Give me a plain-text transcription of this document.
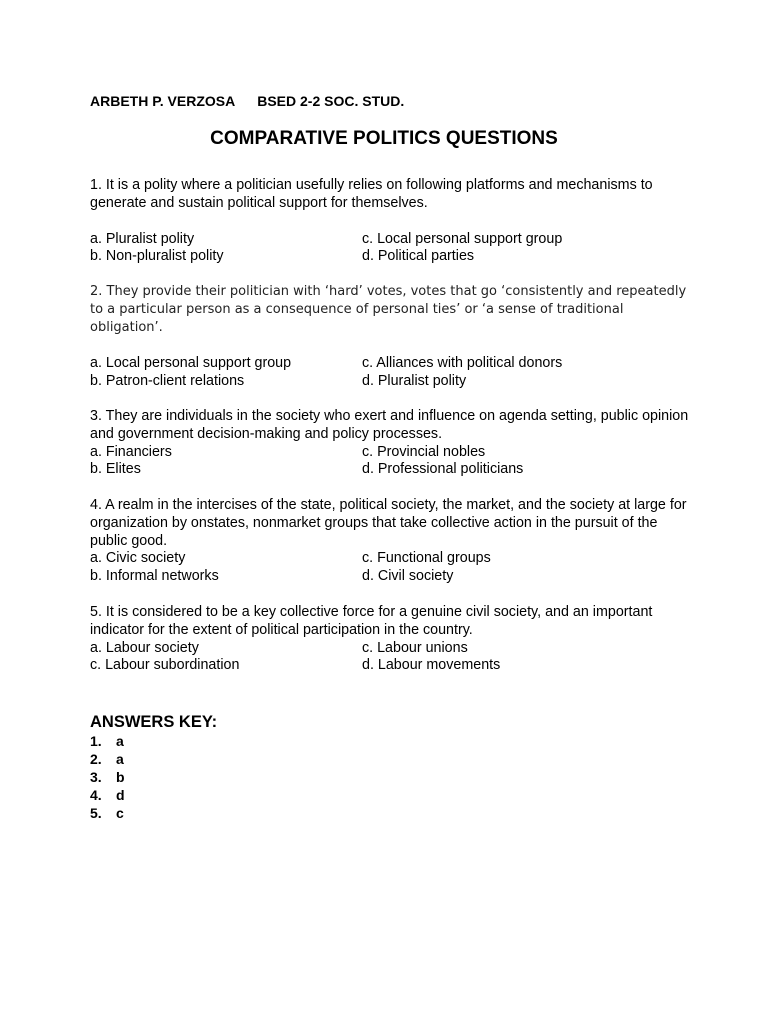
ARBETH P. VERZOSA BSED 2-2 SOC. STUD.
COMPARATIVE POLITICS QUESTIONS

1. It is a polity where a politician usefully relies on following platforms and mechanisms to generate and sustain political support for themselves.

a. Pluralist polity	c. Local personal support group
b. Non-pluralist polity	d. Political parties

2. They provide their politician with ‘hard’ votes, votes that go ‘consistently and repeatedly to a particular person as a consequence of personal ties’ or ‘a sense of traditional obligation’.

a. Local personal support group	c. Alliances with political donors
b. Patron-client relations	d. Pluralist polity

3. They are individuals in the society who exert and influence on agenda setting, public opinion and government decision-making and policy processes.

a. Financiers	c. Provincial nobles
b. Elites	d. Professional politicians

4. A realm in the intercises of the state, political society, the market, and the society at large for organization by onstates, nonmarket groups that take collective action in the pursuit of the public good.

a. Civic society	c. Functional groups
b. Informal networks	d. Civil society

5. It is considered to be a key collective force for a genuine civil society, and an important indicator for the extent of political participation in the country.

a. Labour society	c. Labour unions
c. Labour subordination	d. Labour movements
ANSWERS KEY:
1.	a
2.	a
3.	b
4.	d
5.	c
